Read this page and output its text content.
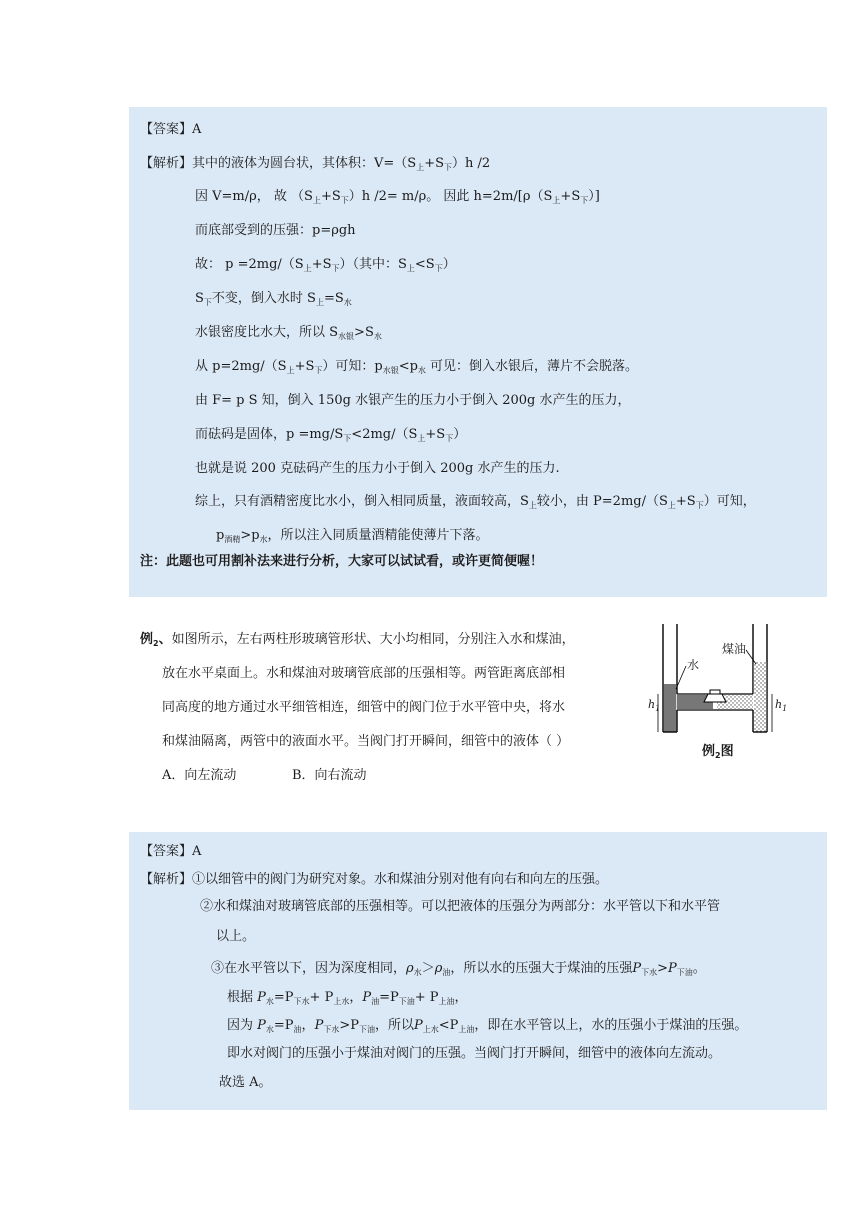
【答案】A
【解析】其中的液体为圆台状，其体积：$V=(S_上+S_下)h$ /2
因 V=m/ρ， 故 $(S_上+S_下)h$ /2= m/ρ。 因此 $h=2m/[\rho(S_上+S_下)]$
而底部受到的压强：p=ρgh
故： $p =2mg/(S_上+S_下)$（其中：$S_上<S_下$）
$S_下$不变，倒入水时 $S_上=S_水$
水银密度比水大，所以 $S_{水银}>S_水$
从 $p=2mg/(S_上+S_下)$可知：$p_{水银}<p_水$ 可见：倒入水银后，薄片不会脱落。
由 F= p S 知，倒入 150g 水银产生的压力小于倒入 200g 水产生的压力，
而砝码是固体，$p =mg/S_下<2mg/(S_上+S_下)$
也就是说 200 克砝码产生的压力小于倒入 200g 水产生的压力.
综上，只有酒精密度比水小，倒入相同质量，液面较高，$S_上$较小，由 $P=2mg/(S_上+S_下)$可知，
$p_{酒精}>p_水$，所以注入同质量酒精能使薄片下落。
注：此题也可用割补法来进行分析，大家可以试试看，或许更简便喔！
例$_2$、如图所示，左右两柱形玻璃管形状、大小均相同，分别注入水和煤油，
放在水平桌面上。水和煤油对玻璃管底部的压强相等。两管距离底部相
同高度的地方通过水平细管相连，细管中的阀门位于水平管中央，将水
和煤油隔离，两管中的液面水平。当阀门打开瞬间，细管中的液体（ ）
A．向左流动	B．向右流动
水
煤油
$h_1$	$h_1$
例$_2$图
【答案】A
【解析】①以细管中的阀门为研究对象。水和煤油分别对他有向右和向左的压强。
②水和煤油对玻璃管底部的压强相等。可以把液体的压强分为两部分：水平管以下和水平管
以上。
③在水平管以下，因为深度相同，$\rho_水>\rho_油$，所以水的压强大于煤油的压强$P_{下水}>P_{下油}$。
根据 $P_水=P_{下水}+ P_{上水}$，$P_油=P_{下油}+ P_{上油}$，
因为 $P_水=P_油$，$P_{下水}>P_{下油}$，所以$P_{上水}<P_{上油}$，即在水平管以上，水的压强小于煤油的压强。
即水对阀门的压强小于煤油对阀门的压强。当阀门打开瞬间，细管中的液体向左流动。
故选 A。
